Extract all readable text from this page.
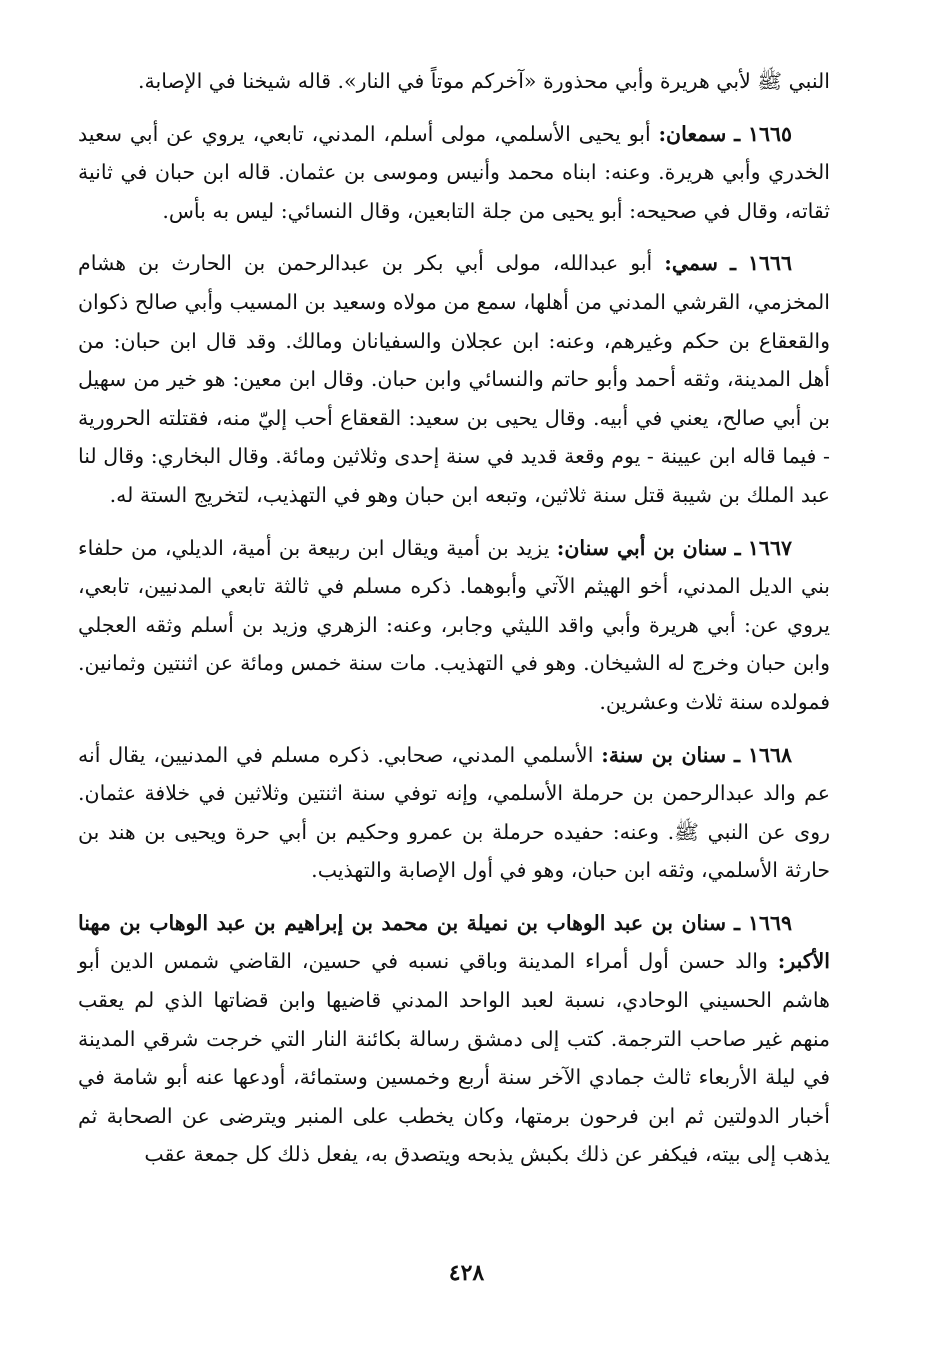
النبي ﷺ لأبي هريرة وأبي محذورة «آخركم موتاً في النار». قاله شيخنا في الإصابة.

١٦٦٥ ـ سمعان: أبو يحيى الأسلمي، مولى أسلم، المدني، تابعي، يروي عن أبي سعيد الخدري وأبي هريرة. وعنه: ابناه محمد وأنيس وموسى بن عثمان. قاله ابن حبان في ثانية ثقاته، وقال في صحيحه: أبو يحيى من جلة التابعين، وقال النسائي: ليس به بأس.

١٦٦٦ ـ سمي: أبو عبدالله، مولى أبي بكر بن عبدالرحمن بن الحارث بن هشام المخزمي، القرشي المدني من أهلها، سمع من مولاه وسعيد بن المسيب وأبي صالح ذكوان والقعقاع بن حكم وغيرهم، وعنه: ابن عجلان والسفيانان ومالك. وقد قال ابن حبان: من أهل المدينة، وثقه أحمد وأبو حاتم والنسائي وابن حبان. وقال ابن معين: هو خير من سهيل بن أبي صالح، يعني في أبيه. وقال يحيى بن سعيد: القعقاع أحب إليّ منه، فقتلته الحرورية - فيما قاله ابن عيينة - يوم وقعة قديد في سنة إحدى وثلاثين ومائة. وقال البخاري: وقال لنا عبد الملك بن شيبة قتل سنة ثلاثين، وتبعه ابن حبان وهو في التهذيب، لتخريج الستة له.

١٦٦٧ ـ سنان بن أبي سنان: يزيد بن أمية ويقال ابن ربيعة بن أمية، الديلي، من حلفاء بني الديل المدني، أخو الهيثم الآتي وأبوهما. ذكره مسلم في ثالثة تابعي المدنيين، تابعي، يروي عن: أبي هريرة وأبي واقد الليثي وجابر، وعنه: الزهري وزيد بن أسلم وثقه العجلي وابن حبان وخرج له الشيخان. وهو في التهذيب. مات سنة خمس ومائة عن اثنتين وثمانين. فمولده سنة ثلاث وعشرين.

١٦٦٨ ـ سنان بن سنة: الأسلمي المدني، صحابي. ذكره مسلم في المدنيين، يقال أنه عم والد عبدالرحمن بن حرملة الأسلمي، وإنه توفي سنة اثنتين وثلاثين في خلافة عثمان. روى عن النبي ﷺ. وعنه: حفيده حرملة بن عمرو وحكيم بن أبي حرة ويحيى بن هند بن حارثة الأسلمي، وثقه ابن حبان، وهو في أول الإصابة والتهذيب.

١٦٦٩ ـ سنان بن عبد الوهاب بن نميلة بن محمد بن إبراهيم بن عبد الوهاب بن مهنا الأكبر: والد حسن أول أمراء المدينة وباقي نسبه في حسين، القاضي شمس الدين أبو هاشم الحسيني الوحادي، نسبة لعبد الواحد المدني قاضيها وابن قضاتها الذي لم يعقب منهم غير صاحب الترجمة. كتب إلى دمشق رسالة بكائنة النار التي خرجت شرقي المدينة في ليلة الأربعاء ثالث جمادي الآخر سنة أربع وخمسين وستمائة، أودعها عنه أبو شامة في أخبار الدولتين ثم ابن فرحون برمتها، وكان يخطب على المنبر ويترضى عن الصحابة ثم يذهب إلى بيته، فيكفر عن ذلك بكبش يذبحه ويتصدق به، يفعل ذلك كل جمعة عقب

٤٢٨
